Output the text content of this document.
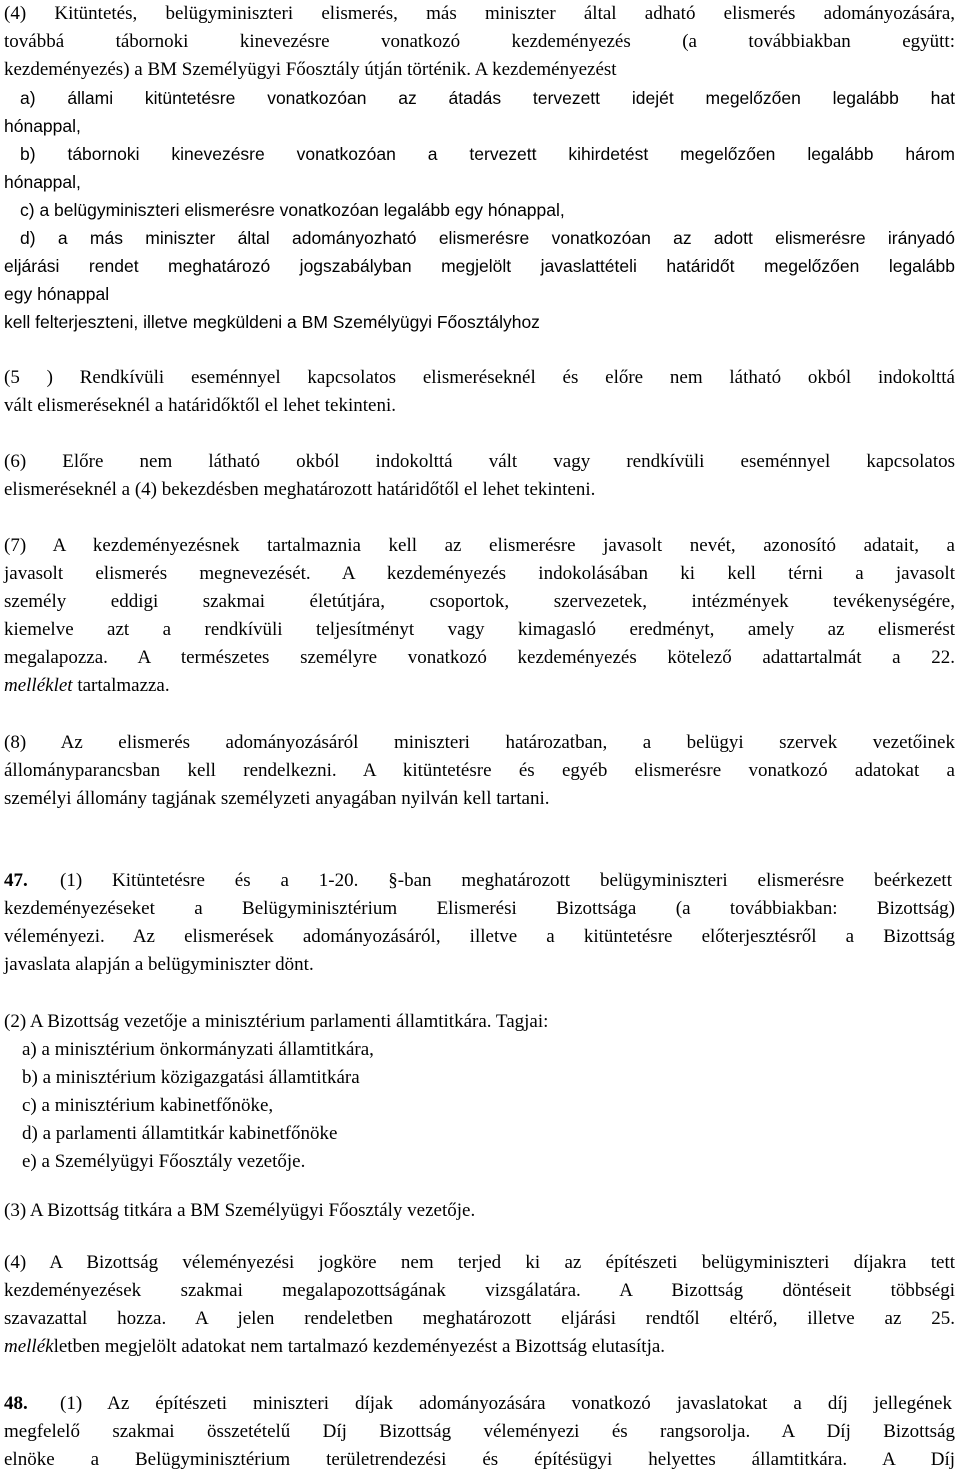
(4) Kitüntetés, belügyminiszteri elismerés, más miniszter által adható elismerés adományozására,
továbbá tábornoki kinevezésre vonatkozó kezdeményezés (a továbbiakban együtt:
kezdeményezés) a BM Személyügyi Főosztály útján történik. A kezdeményezést
a) állami kitüntetésre vonatkozóan az átadás tervezett idejét megelőzően legalább hat
hónappal,
b) tábornoki kinevezésre vonatkozóan a tervezett kihirdetést megelőzően legalább három
hónappal,
c) a belügyminiszteri elismerésre vonatkozóan legalább egy hónappal,
d) a más miniszter által adományozható elismerésre vonatkozóan az adott elismerésre irányadó
eljárási rendet meghatározó jogszabályban megjelölt javaslattételi határidőt megelőzően legalább
egy hónappal
kell felterjeszteni, illetve megküldeni a BM Személyügyi Főosztályhoz
(5 ) Rendkívüli eseménnyel kapcsolatos elismeréseknél és előre nem látható okból indokolttá
vált elismeréseknél a határidőktől el lehet tekinteni.
(6) Előre nem látható okból indokolttá vált vagy rendkívüli eseménnyel kapcsolatos
elismeréseknél a (4) bekezdésben meghatározott határidőtől el lehet tekinteni.
(7) A kezdeményezésnek tartalmaznia kell az elismerésre javasolt nevét, azonosító adatait, a
javasolt elismerés megnevezését. A kezdeményezés indokolásában ki kell térni a javasolt
személy eddigi szakmai életútjára, csoportok, szervezetek, intézmények tevékenységére,
kiemelve azt a rendkívüli teljesítményt vagy kimagasló eredményt, amely az elismerést
megalapozza. A természetes személyre vonatkozó kezdeményezés kötelező adattartalmát a 22.
melléklet tartalmazza.
(8) Az elismerés adományozásáról miniszteri határozatban, a belügyi szervek vezetőinek
állományparancsban kell rendelkezni. A kitüntetésre és egyéb elismerésre vonatkozó adatokat a
személyi állomány tagjának személyzeti anyagában nyilván kell tartani.
47.	(1) Kitüntetésre és a 1-20. §-ban meghatározott belügyminiszteri elismerésre beérkezett
kezdeményezéseket a Belügyminisztérium Elismerési Bizottsága (a továbbiakban: Bizottság)
véleményezi. Az elismerések adományozásáról, illetve a kitüntetésre előterjesztésről a Bizottság
javaslata alapján a belügyminiszter dönt.
(2) A Bizottság vezetője a minisztérium parlamenti államtitkára. Tagjai:
a) a minisztérium önkormányzati államtitkára,
b) a minisztérium közigazgatási államtitkára
c) a minisztérium kabinetfőnöke,
d) a parlamenti államtitkár kabinetfőnöke
e) a Személyügyi Főosztály vezetője.
(3) A Bizottság titkára a BM Személyügyi Főosztály vezetője.
(4) A Bizottság véleményezési jogköre nem terjed ki az építészeti belügyminiszteri díjakra tett
kezdeményezések szakmai megalapozottságának vizsgálatára. A Bizottság döntéseit többségi
szavazattal hozza. A jelen rendeletben meghatározott eljárási rendtől eltérő, illetve az 25.
mellékletben megjelölt adatokat nem tartalmazó kezdeményezést a Bizottság elutasítja.
48.	(1) Az építészeti miniszteri díjak adományozására vonatkozó javaslatokat a díj jellegének
megfelelő szakmai összetételű Díj Bizottság véleményezi és rangsorolja. A Díj Bizottság
elnöke a Belügyminisztérium területrendezési és építésügyi helyettes államtitkára. A Díj
